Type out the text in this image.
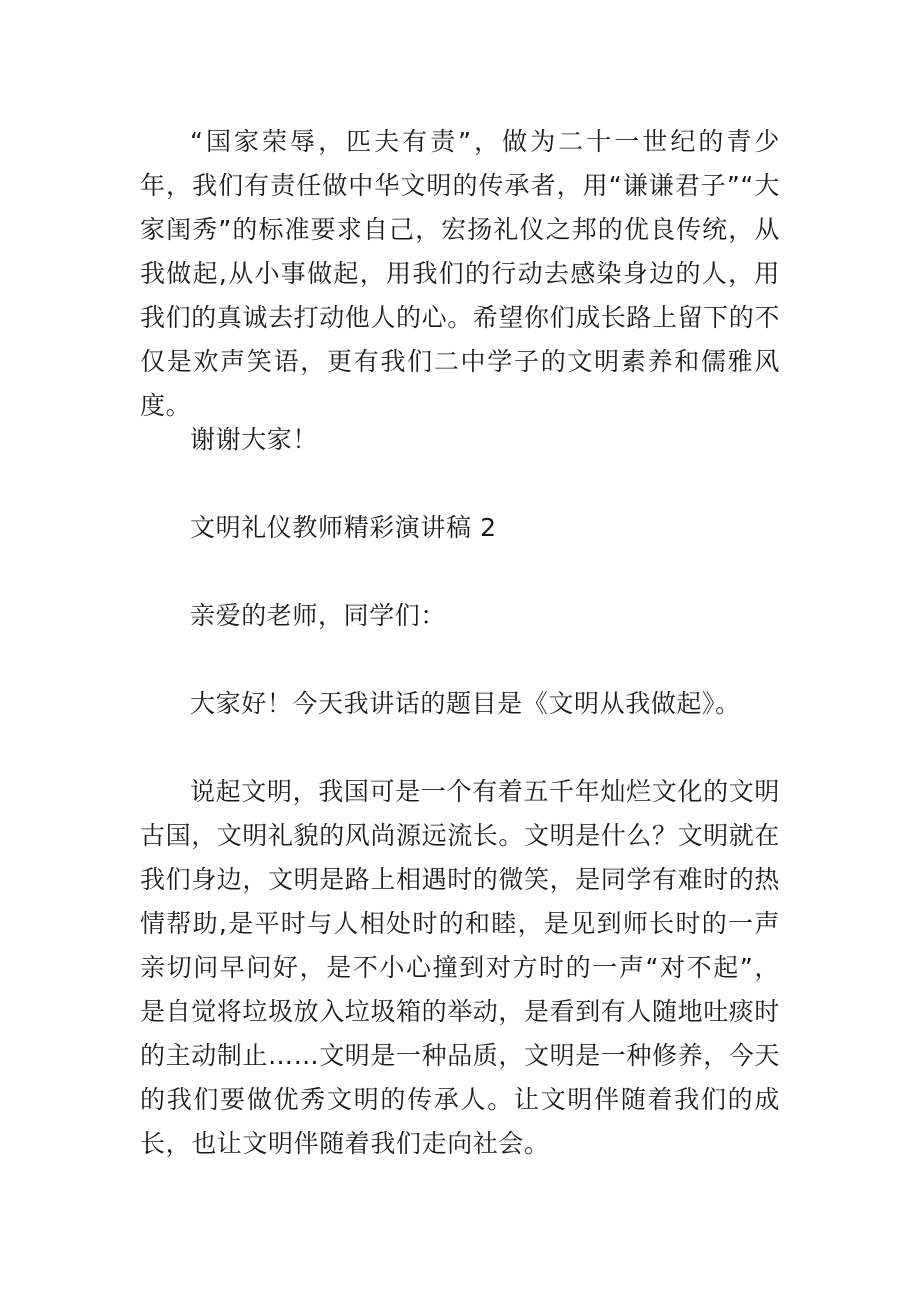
“国家荣辱，匹夫有责”，做为二十一世纪的青少年，我们有责任做中华文明的传承者，用“谦谦君子”“大家闺秀”的标准要求自己，宏扬礼仪之邦的优良传统，从我做起,从小事做起，用我们的行动去感染身边的人，用我们的真诚去打动他人的心。希望你们成长路上留下的不仅是欢声笑语，更有我们二中学子的文明素养和儒雅风度。

谢谢大家！

文明礼仪教师精彩演讲稿 2

亲爱的老师，同学们：

大家好！今天我讲话的题目是《文明从我做起》。

说起文明，我国可是一个有着五千年灿烂文化的文明古国，文明礼貌的风尚源远流长。文明是什么？文明就在我们身边，文明是路上相遇时的微笑，是同学有难时的热情帮助,是平时与人相处时的和睦，是见到师长时的一声亲切问早问好，是不小心撞到对方时的一声“对不起”，是自觉将垃圾放入垃圾箱的举动，是看到有人随地吐痰时的主动制止……文明是一种品质，文明是一种修养，今天的我们要做优秀文明的传承人。让文明伴随着我们的成长，也让文明伴随着我们走向社会。
